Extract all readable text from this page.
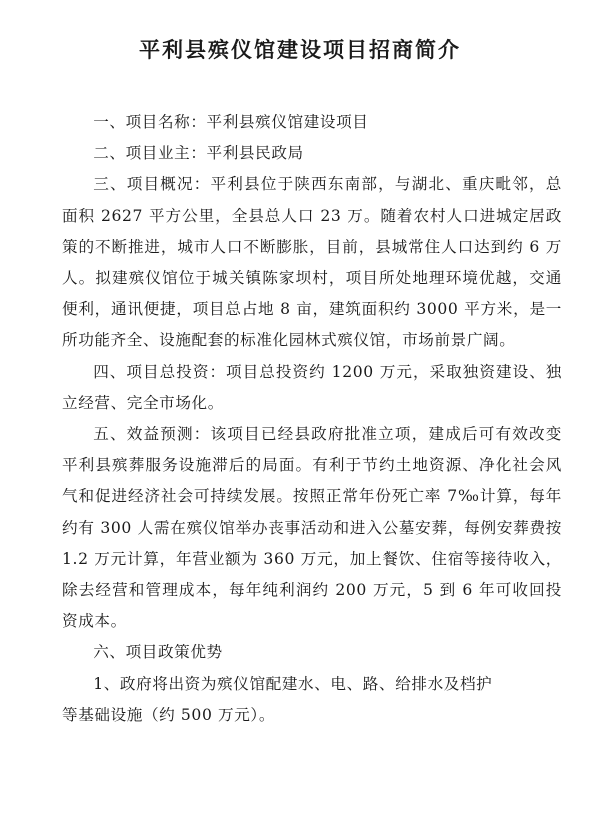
平利县殡仪馆建设项目招商简介

一、项目名称：平利县殡仪馆建设项目

二、项目业主：平利县民政局

三、项目概况：平利县位于陕西东南部，与湖北、重庆毗邻，总面积 2627 平方公里，全县总人口 23 万。随着农村人口进城定居政策的不断推进，城市人口不断膨胀，目前，县城常住人口达到约 6 万人。拟建殡仪馆位于城关镇陈家坝村，项目所处地理环境优越，交通便利，通讯便捷，项目总占地 8 亩，建筑面积约 3000 平方米，是一所功能齐全、设施配套的标准化园林式殡仪馆，市场前景广阔。

四、项目总投资：项目总投资约 1200 万元，采取独资建设、独立经营、完全市场化。

五、效益预测：该项目已经县政府批准立项，建成后可有效改变平利县殡葬服务设施滞后的局面。有利于节约土地资源、净化社会风气和促进经济社会可持续发展。按照正常年份死亡率 7‰计算，每年约有 300 人需在殡仪馆举办丧事活动和进入公墓安葬，每例安葬费按 1.2 万元计算，年营业额为 360 万元，加上餐饮、住宿等接待收入，除去经营和管理成本，每年纯利润约 200 万元，5 到 6 年可收回投资成本。

六、项目政策优势

1、政府将出资为殡仪馆配建水、电、路、给排水及档护

等基础设施（约 500 万元）。
